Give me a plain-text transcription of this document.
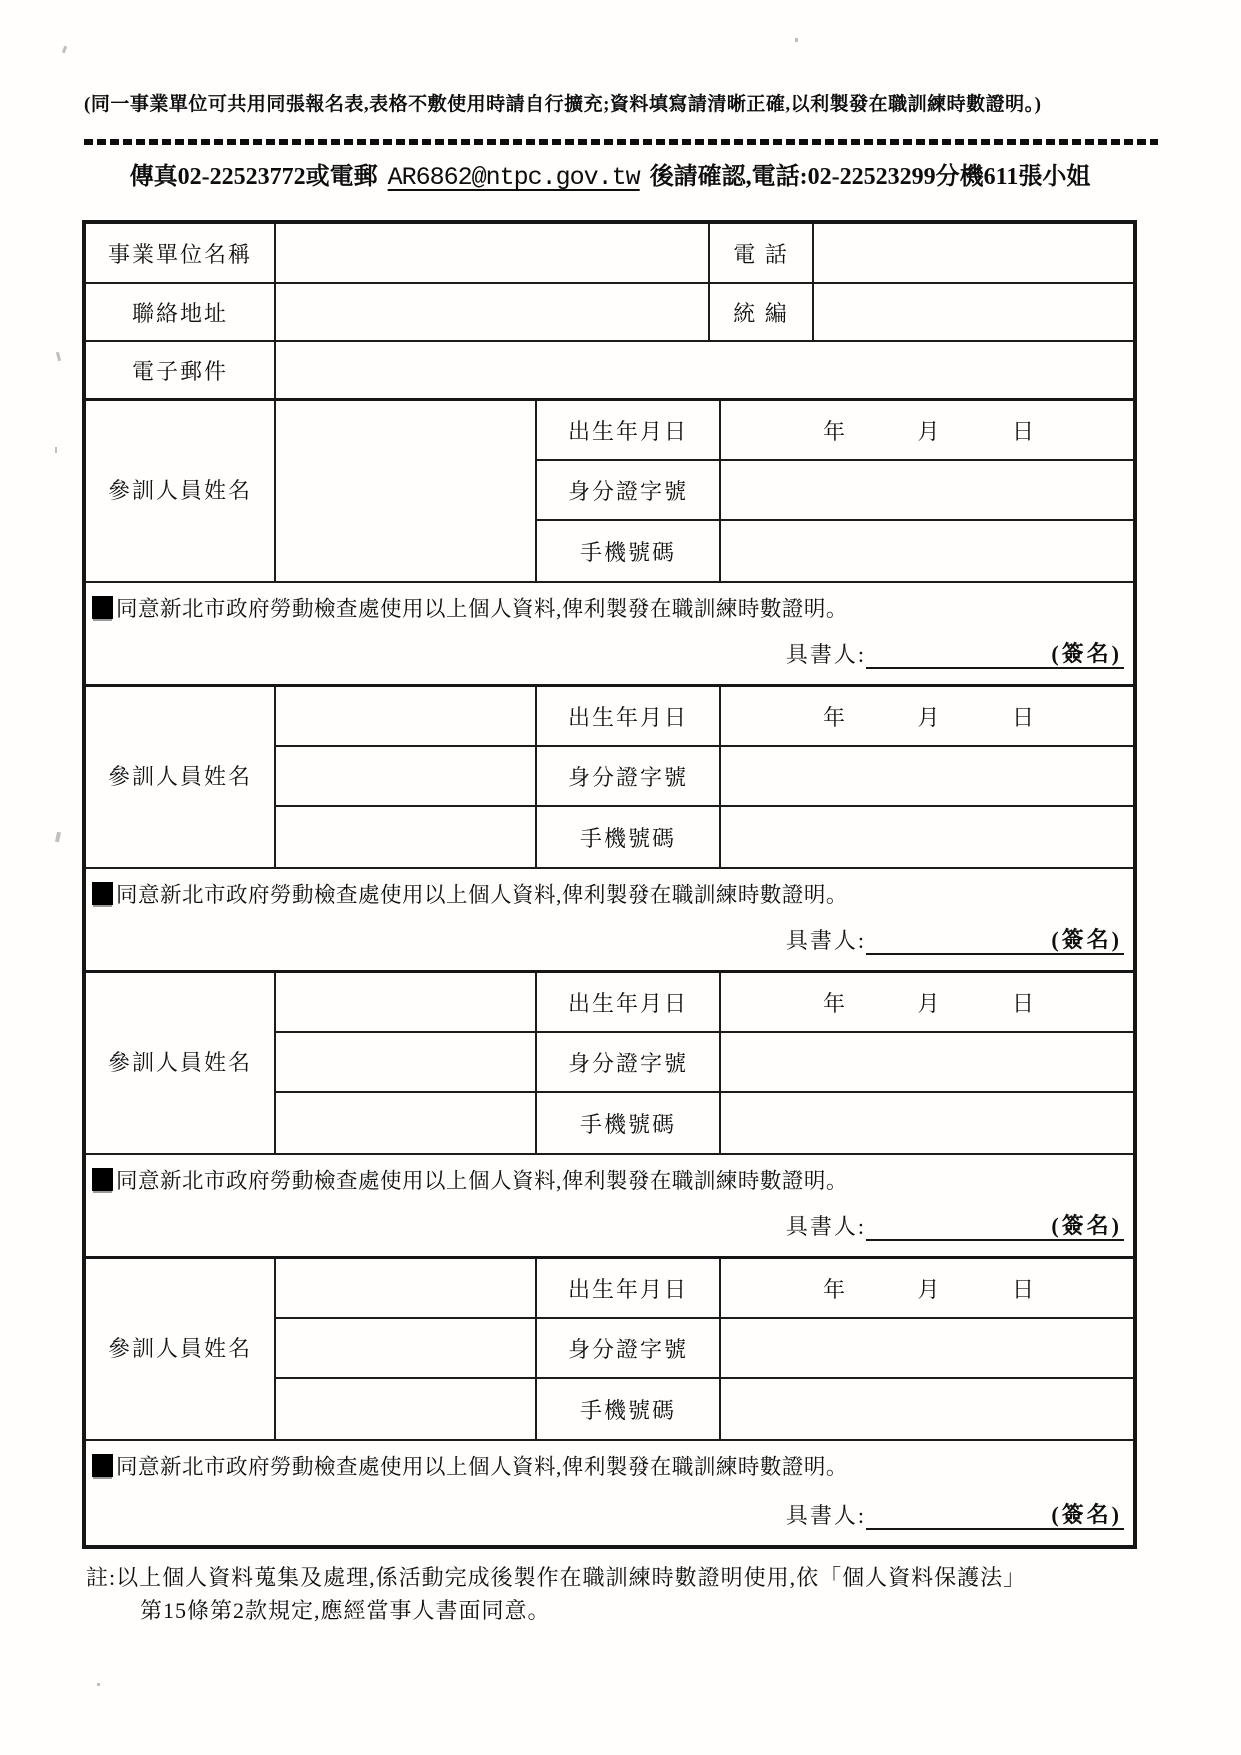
(同一事業單位可共用同張報名表,表格不敷使用時請自行擴充;資料填寫請清晰正確,以利製發在職訓練時數證明。)
傳真02-22523772或電郵 AR6862@ntpc.gov.tw 後請確認,電話:02-22523299分機611張小姐
事業單位名稱	電 話
聯絡地址	統 編
電子郵件
參訓人員 姓名
出生年月日	年	月	日
身分證字號
手機號碼
同意新北市政府勞動檢查處使用以上個人資料,俾利製發在職訓練時數證明。
具書人:	(簽名)
參訓人員 姓名
出生年月日	年	月	日
身分證字號
手機號碼
同意新北市政府勞動檢查處使用以上個人資料,俾利製發在職訓練時數證明。
具書人:	(簽名)
參訓人員 姓名
出生年月日	年	月	日
身分證字號
手機號碼
同意新北市政府勞動檢查處使用以上個人資料,俾利製發在職訓練時數證明。
具書人:	(簽名)
參訓人員 姓名
出生年月日	年	月	日
身分證字號
手機號碼
同意新北市政府勞動檢查處使用以上個人資料,俾利製發在職訓練時數證明。
具書人:	(簽名)
註:以上個人資料蒐集及處理,係活動完成後製作在職訓練時數證明使用,依「個人資料保護法」
第15條第2款規定,應經當事人書面同意。
